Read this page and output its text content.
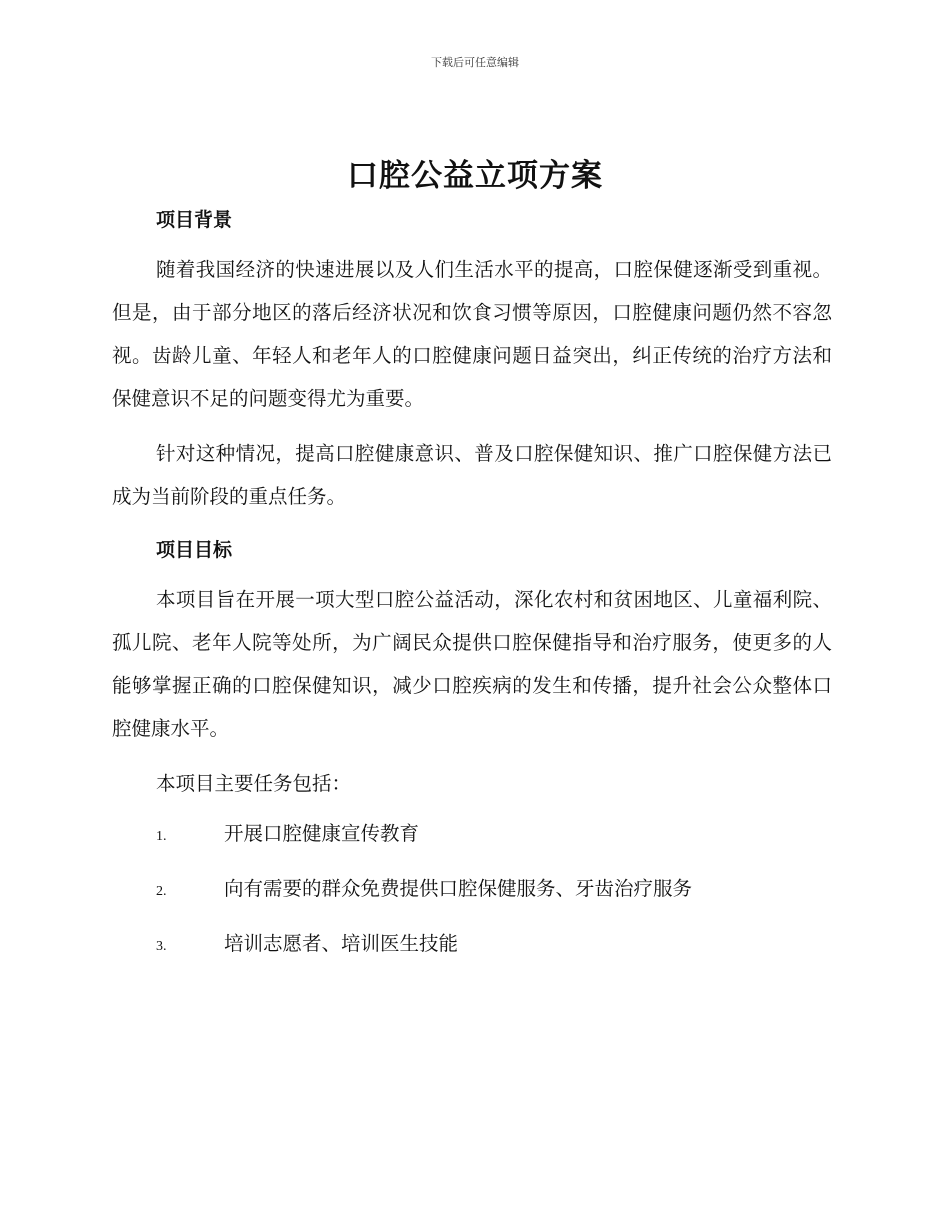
下载后可任意编辑
口腔公益立项方案
项目背景

随着我国经济的快速进展以及人们生活水平的提高，口腔保健逐渐受到重视。但是，由于部分地区的落后经济状况和饮食习惯等原因，口腔健康问题仍然不容忽视。齿龄儿童、年轻人和老年人的口腔健康问题日益突出，纠正传统的治疗方法和保健意识不足的问题变得尤为重要。

针对这种情况，提高口腔健康意识、普及口腔保健知识、推广口腔保健方法已成为当前阶段的重点任务。

项目目标

本项目旨在开展一项大型口腔公益活动，深化农村和贫困地区、儿童福利院、孤儿院、老年人院等处所，为广阔民众提供口腔保健指导和治疗服务，使更多的人能够掌握正确的口腔保健知识，减少口腔疾病的发生和传播，提升社会公众整体口腔健康水平。

本项目主要任务包括：

1.	开展口腔健康宣传教育
2.	向有需要的群众免费提供口腔保健服务、牙齿治疗服务
3.	培训志愿者、培训医生技能
